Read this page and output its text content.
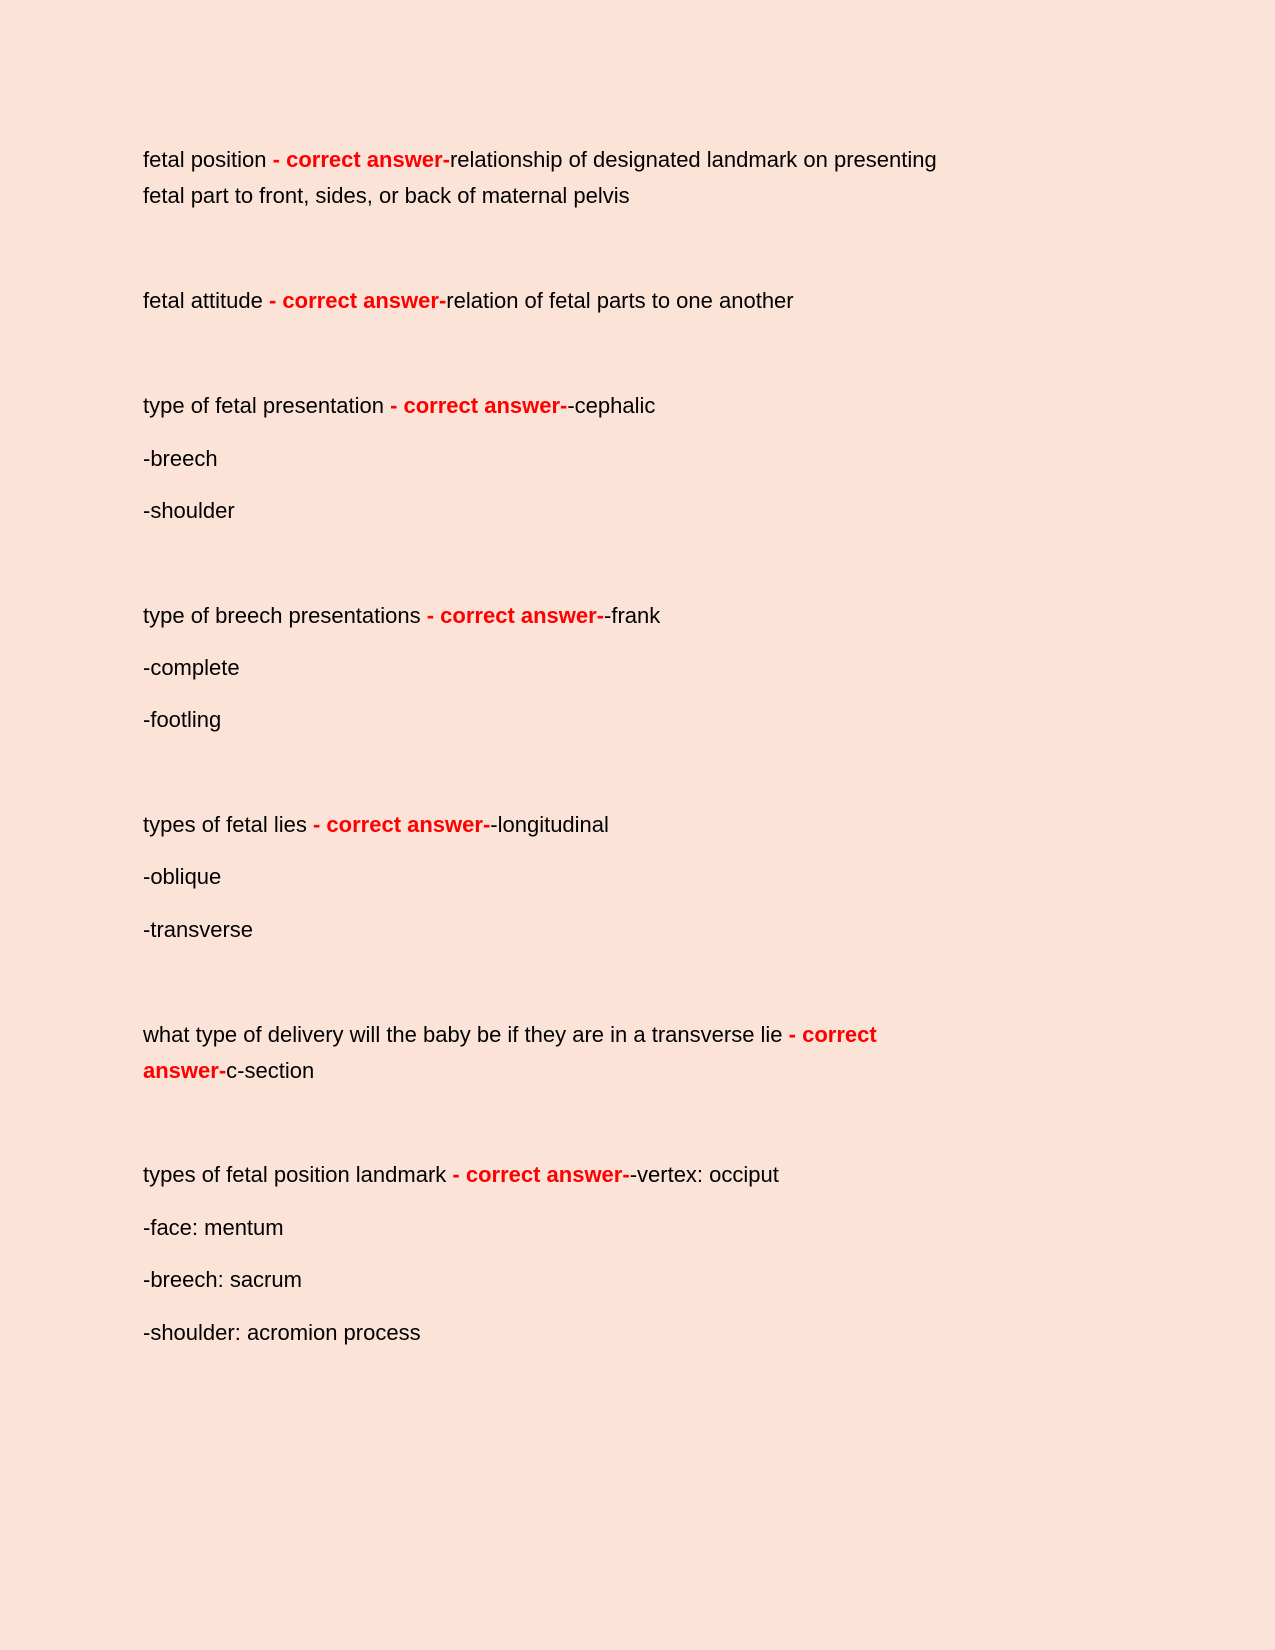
fetal position - correct answer-relationship of designated landmark on presenting
fetal part to front, sides, or back of maternal pelvis
fetal attitude - correct answer-relation of fetal parts to one another
type of fetal presentation - correct answer--cephalic
-breech
-shoulder
type of breech presentations - correct answer--frank
-complete
-footling
types of fetal lies - correct answer--longitudinal
-oblique
-transverse
what type of delivery will the baby be if they are in a transverse lie - correct
answer-c-section
types of fetal position landmark - correct answer--vertex: occiput
-face: mentum
-breech: sacrum
-shoulder: acromion process
